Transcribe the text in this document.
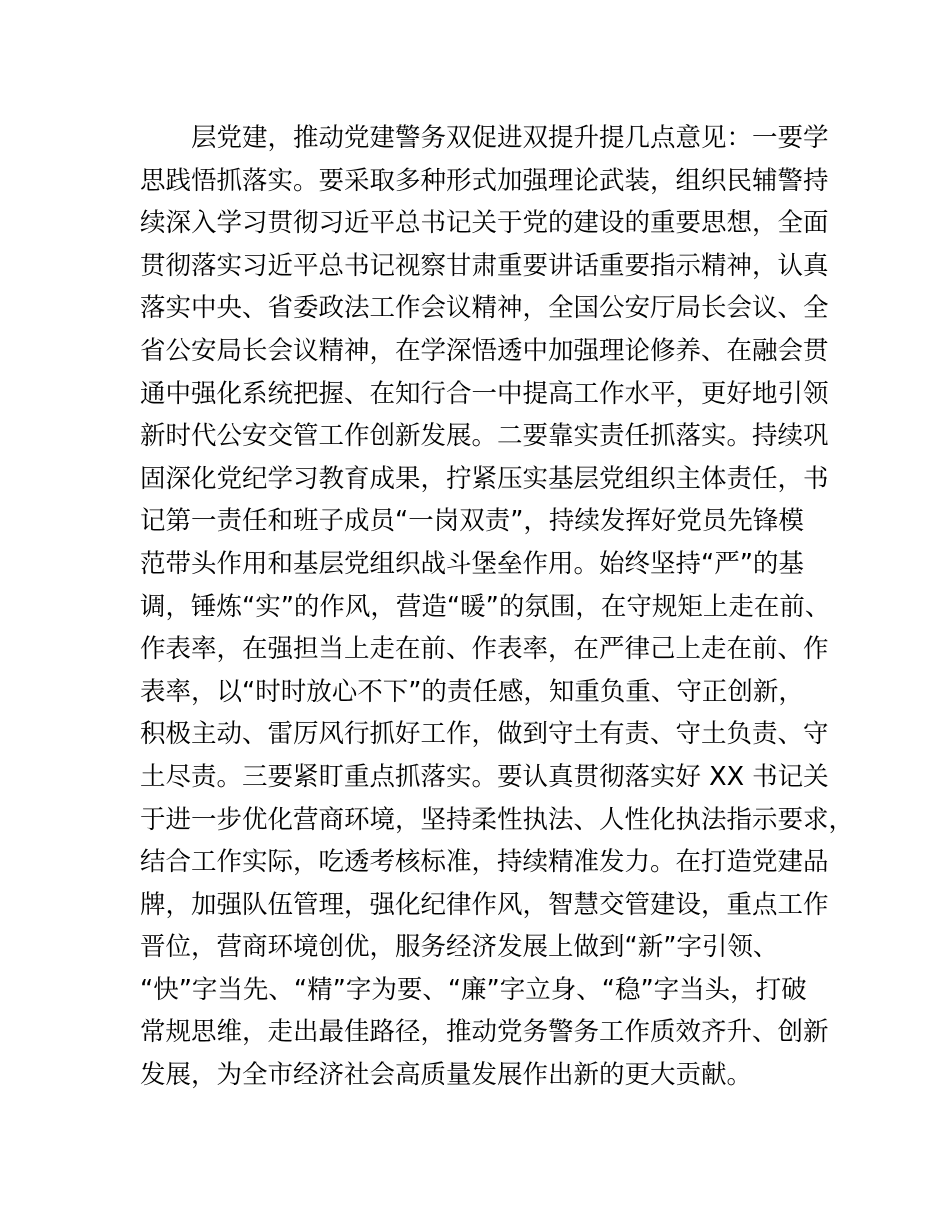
　　层党建，推动党建警务双促进双提升提几点意见：一要学
思践悟抓落实。要采取多种形式加强理论武装，组织民辅警持
续深入学习贯彻习近平总书记关于党的建设的重要思想，全面
贯彻落实习近平总书记视察甘肃重要讲话重要指示精神，认真
落实中央、省委政法工作会议精神，全国公安厅局长会议、全
省公安局长会议精神，在学深悟透中加强理论修养、在融会贯
通中强化系统把握、在知行合一中提高工作水平，更好地引领
新时代公安交管工作创新发展。二要靠实责任抓落实。持续巩
固深化党纪学习教育成果，拧紧压实基层党组织主体责任，书
记第一责任和班子成员“一岗双责”，持续发挥好党员先锋模
范带头作用和基层党组织战斗堡垒作用。始终坚持“严”的基
调，锤炼“实”的作风，营造“暖”的氛围，在守规矩上走在前、
作表率，在强担当上走在前、作表率，在严律己上走在前、作
表率，以“时时放心不下”的责任感，知重负重、守正创新，
积极主动、雷厉风行抓好工作，做到守土有责、守土负责、守
土尽责。三要紧盯重点抓落实。要认真贯彻落实好 XX 书记关
于进一步优化营商环境，坚持柔性执法、人性化执法指示要求，
结合工作实际，吃透考核标准，持续精准发力。在打造党建品
牌，加强队伍管理，强化纪律作风，智慧交管建设，重点工作
晋位，营商环境创优，服务经济发展上做到“新”字引领、
“快”字当先、“精”字为要、“廉”字立身、“稳”字当头，打破
常规思维，走出最佳路径，推动党务警务工作质效齐升、创新
发展，为全市经济社会高质量发展作出新的更大贡献。
